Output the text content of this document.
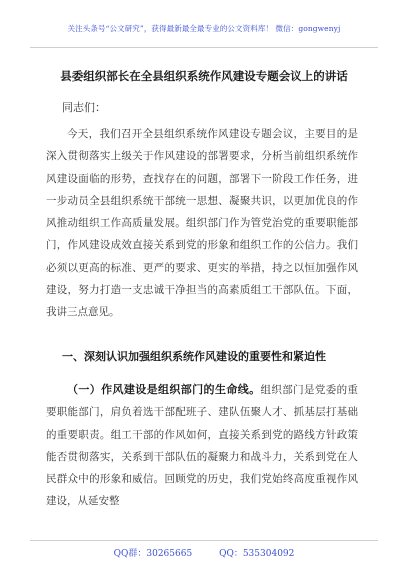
关注头条号“公文研究”，获得最新最全最专业的公文资料库！ 微信：gongwenyj
县委组织部长在全县组织系统作风建设专题会议上的讲话
同志们：
今天，我们召开全县组织系统作风建设专题会议，主要目的是深入贯彻落实上级关于作风建设的部署要求，分析当前组织系统作风建设面临的形势，查找存在的问题，部署下一阶段工作任务，进一步动员全县组织系统干部统一思想、凝聚共识，以更加优良的作风推动组织工作高质量发展。组织部门作为管党治党的重要职能部门，作风建设成效直接关系到党的形象和组织工作的公信力。我们必须以更高的标准、更严的要求、更实的举措，持之以恒加强作风建设，努力打造一支忠诚干净担当的高素质组工干部队伍。下面，我讲三点意见。
一、深刻认识加强组织系统作风建设的重要性和紧迫性
（一）作风建设是组织部门的生命线。组织部门是党委的重要职能部门，肩负着选干部配班子、建队伍聚人才、抓基层打基础的重要职责。组工干部的作风如何，直接关系到党的路线方针政策能否贯彻落实，关系到干部队伍的凝聚力和战斗力，关系到党在人民群众中的形象和威信。回顾党的历史，我们党始终高度重视作风建设，从延安整
QQ群：30265665	QQ：535304092
